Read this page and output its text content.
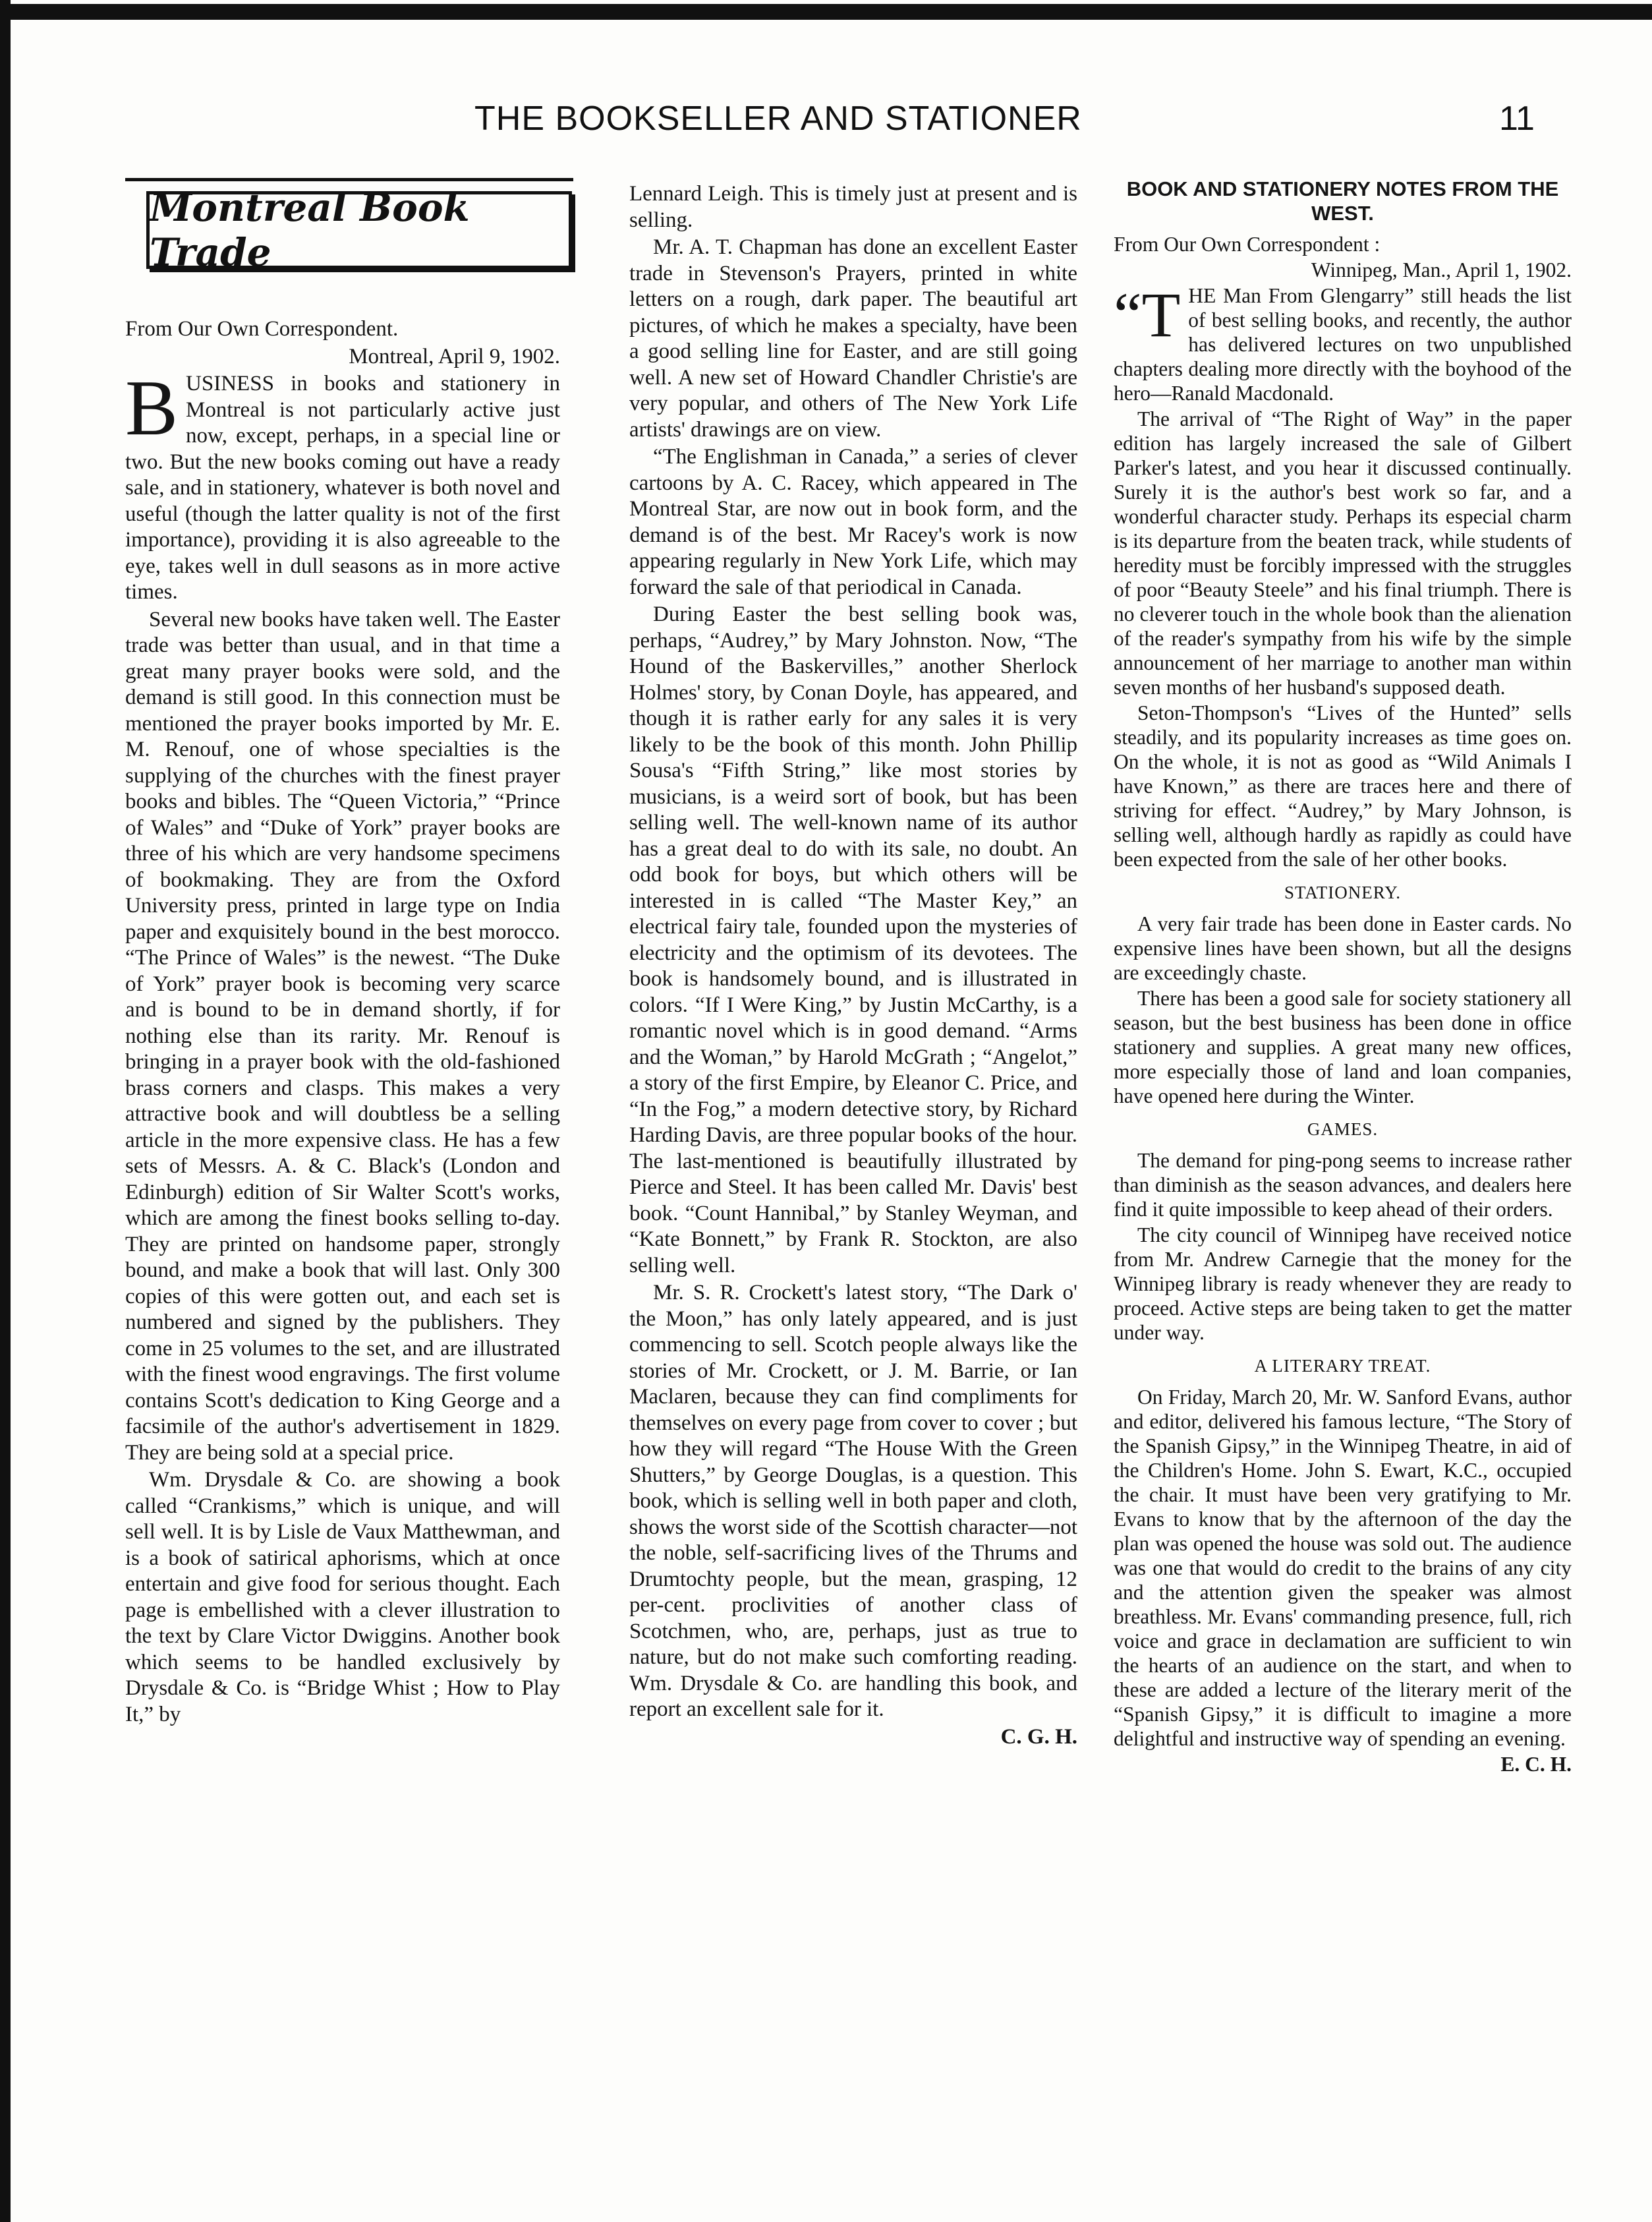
THE BOOKSELLER AND STATIONER	11
Montreal Book Trade

From Our Own Correspondent.

Montreal, April 9, 1902.

BUSINESS in books and stationery in Montreal is not particularly active just now, except, perhaps, in a special line or two. But the new books coming out have a ready sale, and in stationery, whatever is both novel and useful (though the latter quality is not of the first importance), providing it is also agreeable to the eye, takes well in dull seasons as in more active times.

Several new books have taken well. The Easter trade was better than usual, and in that time a great many prayer books were sold, and the demand is still good. In this connection must be mentioned the prayer books imported by Mr. E. M. Renouf, one of whose specialties is the supplying of the churches with the finest prayer books and bibles. The “Queen Victoria,” “Prince of Wales” and “Duke of York” prayer books are three of his which are very handsome specimens of bookmaking. They are from the Oxford University press, printed in large type on India paper and exquisitely bound in the best morocco. “The Prince of Wales” is the newest. “The Duke of York” prayer book is becoming very scarce and is bound to be in demand shortly, if for nothing else than its rarity. Mr. Renouf is bringing in a prayer book with the old-fashioned brass corners and clasps. This makes a very attractive book and will doubtless be a selling article in the more expensive class. He has a few sets of Messrs. A. & C. Black's (London and Edinburgh) edition of Sir Walter Scott's works, which are among the finest books selling to-day. They are printed on handsome paper, strongly bound, and make a book that will last. Only 300 copies of this were gotten out, and each set is numbered and signed by the publishers. They come in 25 volumes to the set, and are illustrated with the finest wood engravings. The first volume contains Scott's dedication to King George and a facsimile of the author's advertisement in 1829. They are being sold at a special price.

Wm. Drysdale & Co. are showing a book called “Crankisms,” which is unique, and will sell well. It is by Lisle de Vaux Matthewman, and is a book of satirical aphorisms, which at once entertain and give food for serious thought. Each page is embellished with a clever illustration to the text by Clare Victor Dwiggins. Another book which seems to be handled exclusively by Drysdale & Co. is “Bridge Whist ; How to Play It,” by

Lennard Leigh. This is timely just at present and is selling.

Mr. A. T. Chapman has done an excellent Easter trade in Stevenson's Prayers, printed in white letters on a rough, dark paper. The beautiful art pictures, of which he makes a specialty, have been a good selling line for Easter, and are still going well. A new set of Howard Chandler Christie's are very popular, and others of The New York Life artists' drawings are on view.

“The Englishman in Canada,” a series of clever cartoons by A. C. Racey, which appeared in The Montreal Star, are now out in book form, and the demand is of the best. Mr Racey's work is now appearing regularly in New York Life, which may forward the sale of that periodical in Canada.

During Easter the best selling book was, perhaps, “Audrey,” by Mary Johnston. Now, “The Hound of the Baskervilles,” another Sherlock Holmes' story, by Conan Doyle, has appeared, and though it is rather early for any sales it is very likely to be the book of this month. John Phillip Sousa's “Fifth String,” like most stories by musicians, is a weird sort of book, but has been selling well. The well-known name of its author has a great deal to do with its sale, no doubt. An odd book for boys, but which others will be interested in is called “The Master Key,” an electrical fairy tale, founded upon the mysteries of electricity and the optimism of its devotees. The book is handsomely bound, and is illustrated in colors. “If I Were King,” by Justin McCarthy, is a romantic novel which is in good demand. “Arms and the Woman,” by Harold McGrath ; “Angelot,” a story of the first Empire, by Eleanor C. Price, and “In the Fog,” a modern detective story, by Richard Harding Davis, are three popular books of the hour. The last-mentioned is beautifully illustrated by Pierce and Steel. It has been called Mr. Davis' best book. “Count Hannibal,” by Stanley Weyman, and “Kate Bonnett,” by Frank R. Stockton, are also selling well.

Mr. S. R. Crockett's latest story, “The Dark o' the Moon,” has only lately appeared, and is just commencing to sell. Scotch people always like the stories of Mr. Crockett, or J. M. Barrie, or Ian Maclaren, because they can find compliments for themselves on every page from cover to cover ; but how they will regard “The House With the Green Shutters,” by George Douglas, is a question. This book, which is selling well in both paper and cloth, shows the worst side of the Scottish character—not the noble, self-sacrificing lives of the Thrums and Drumtochty people, but the mean, grasping, 12 per-cent. proclivities of another class of Scotchmen, who, are, perhaps, just as true to nature, but do not make such comforting reading. Wm. Drysdale & Co. are handling this book, and report an excellent sale for it.

C. G. H.

BOOK AND STATIONERY NOTES FROM THE WEST.

From Our Own Correspondent :

Winnipeg, Man., April 1, 1902.

“THE Man From Glengarry” still heads the list of best selling books, and recently, the author has delivered lectures on two unpublished chapters dealing more directly with the boyhood of the hero—Ranald Macdonald.

The arrival of “The Right of Way” in the paper edition has largely increased the sale of Gilbert Parker's latest, and you hear it discussed continually. Surely it is the author's best work so far, and a wonderful character study. Perhaps its especial charm is its departure from the beaten track, while students of heredity must be forcibly impressed with the struggles of poor “Beauty Steele” and his final triumph. There is no cleverer touch in the whole book than the alienation of the reader's sympathy from his wife by the simple announcement of her marriage to another man within seven months of her husband's supposed death.

Seton-Thompson's “Lives of the Hunted” sells steadily, and its popularity increases as time goes on. On the whole, it is not as good as “Wild Animals I have Known,” as there are traces here and there of striving for effect. “Audrey,” by Mary Johnson, is selling well, although hardly as rapidly as could have been expected from the sale of her other books.

STATIONERY.

A very fair trade has been done in Easter cards. No expensive lines have been shown, but all the designs are exceedingly chaste.

There has been a good sale for society stationery all season, but the best business has been done in office stationery and supplies. A great many new offices, more especially those of land and loan companies, have opened here during the Winter.

GAMES.

The demand for ping-pong seems to increase rather than diminish as the season advances, and dealers here find it quite impossible to keep ahead of their orders.

The city council of Winnipeg have received notice from Mr. Andrew Carnegie that the money for the Winnipeg library is ready whenever they are ready to proceed. Active steps are being taken to get the matter under way.

A LITERARY TREAT.

On Friday, March 20, Mr. W. Sanford Evans, author and editor, delivered his famous lecture, “The Story of the Spanish Gipsy,” in the Winnipeg Theatre, in aid of the Children's Home. John S. Ewart, K.C., occupied the chair. It must have been very gratifying to Mr. Evans to know that by the afternoon of the day the plan was opened the house was sold out. The audience was one that would do credit to the brains of any city and the attention given the speaker was almost breathless. Mr. Evans' commanding presence, full, rich voice and grace in declamation are sufficient to win the hearts of an audience on the start, and when to these are added a lecture of the literary merit of the “Spanish Gipsy,” it is difficult to imagine a more delightful and instructive way of spending an evening.

E. C. H.
